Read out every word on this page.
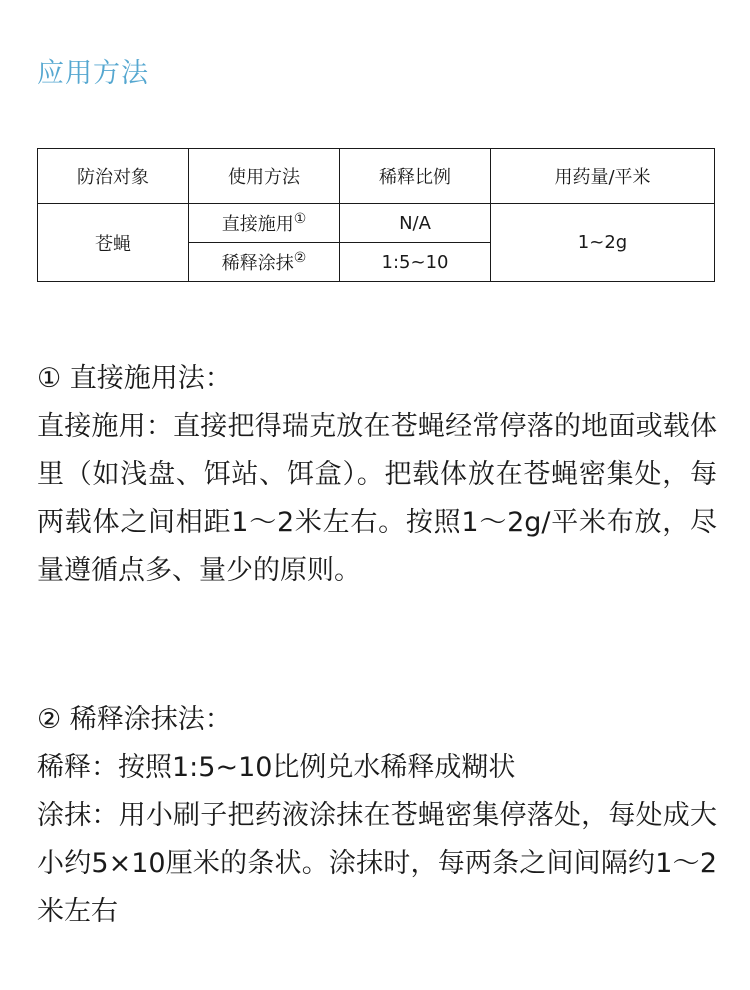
应用方法
防治对象	使用方法	稀释比例	用药量/平米
苍蝇	直接施用①	N/A	1~2g
	稀释涂抹②	1:5~10	

① 直接施用法：

直接施用：直接把得瑞克放在苍蝇经常停落的地面或载体里（如浅盘、饵站、饵盒）。把载体放在苍蝇密集处，每两载体之间相距1～2米左右。按照1～2g/平米布放，尽量遵循点多、量少的原则。

② 稀释涂抹法：

稀释：按照1:5~10比例兑水稀释成糊状

涂抹：用小刷子把药液涂抹在苍蝇密集停落处，每处成大小约5×10厘米的条状。涂抹时，每两条之间间隔约1～2米左右
